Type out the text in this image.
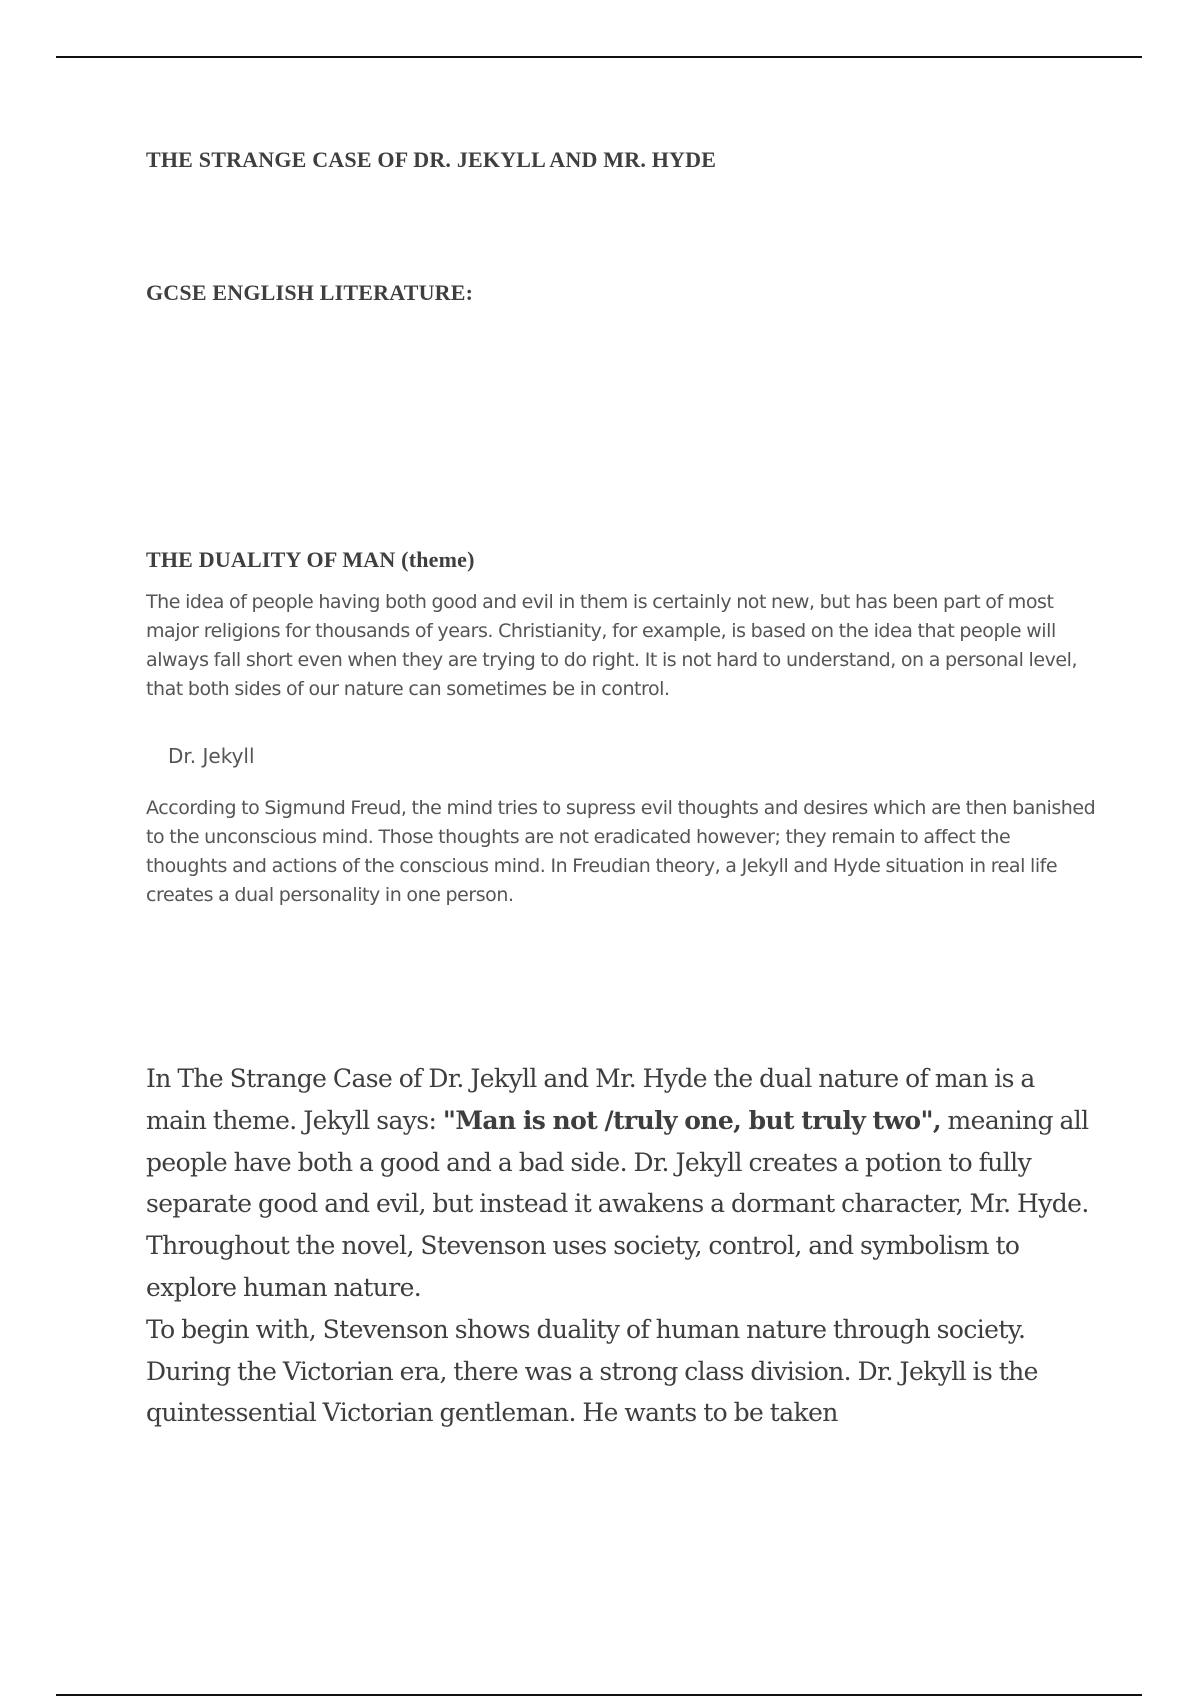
THE STRANGE CASE OF DR. JEKYLL AND MR. HYDE
GCSE ENGLISH LITERATURE:
THE DUALITY OF MAN (theme)

The idea of people having both good and evil in them is certainly not new, but has been part of most major religions for thousands of years. Christianity, for example, is based on the idea that people will always fall short even when they are trying to do right. It is not hard to understand, on a personal level, that both sides of our nature can sometimes be in control.

Dr. Jekyll

According to Sigmund Freud, the mind tries to supress evil thoughts and desires which are then banished to the unconscious mind. Those thoughts are not eradicated however; they remain to affect the thoughts and actions of the conscious mind. In Freudian theory, a Jekyll and Hyde situation in real life creates a dual personality in one person.

In The Strange Case of Dr. Jekyll and Mr. Hyde the dual nature of man is a main theme. Jekyll says: "Man is not /truly one, but truly two", meaning all people have both a good and a bad side. Dr. Jekyll creates a potion to fully separate good and evil, but instead it awakens a dormant character, Mr. Hyde. Throughout the novel, Stevenson uses society, control, and symbolism to explore human nature.
To begin with, Stevenson shows duality of human nature through society. During the Victorian era, there was a strong class division. Dr. Jekyll is the quintessential Victorian gentleman. He wants to be taken
